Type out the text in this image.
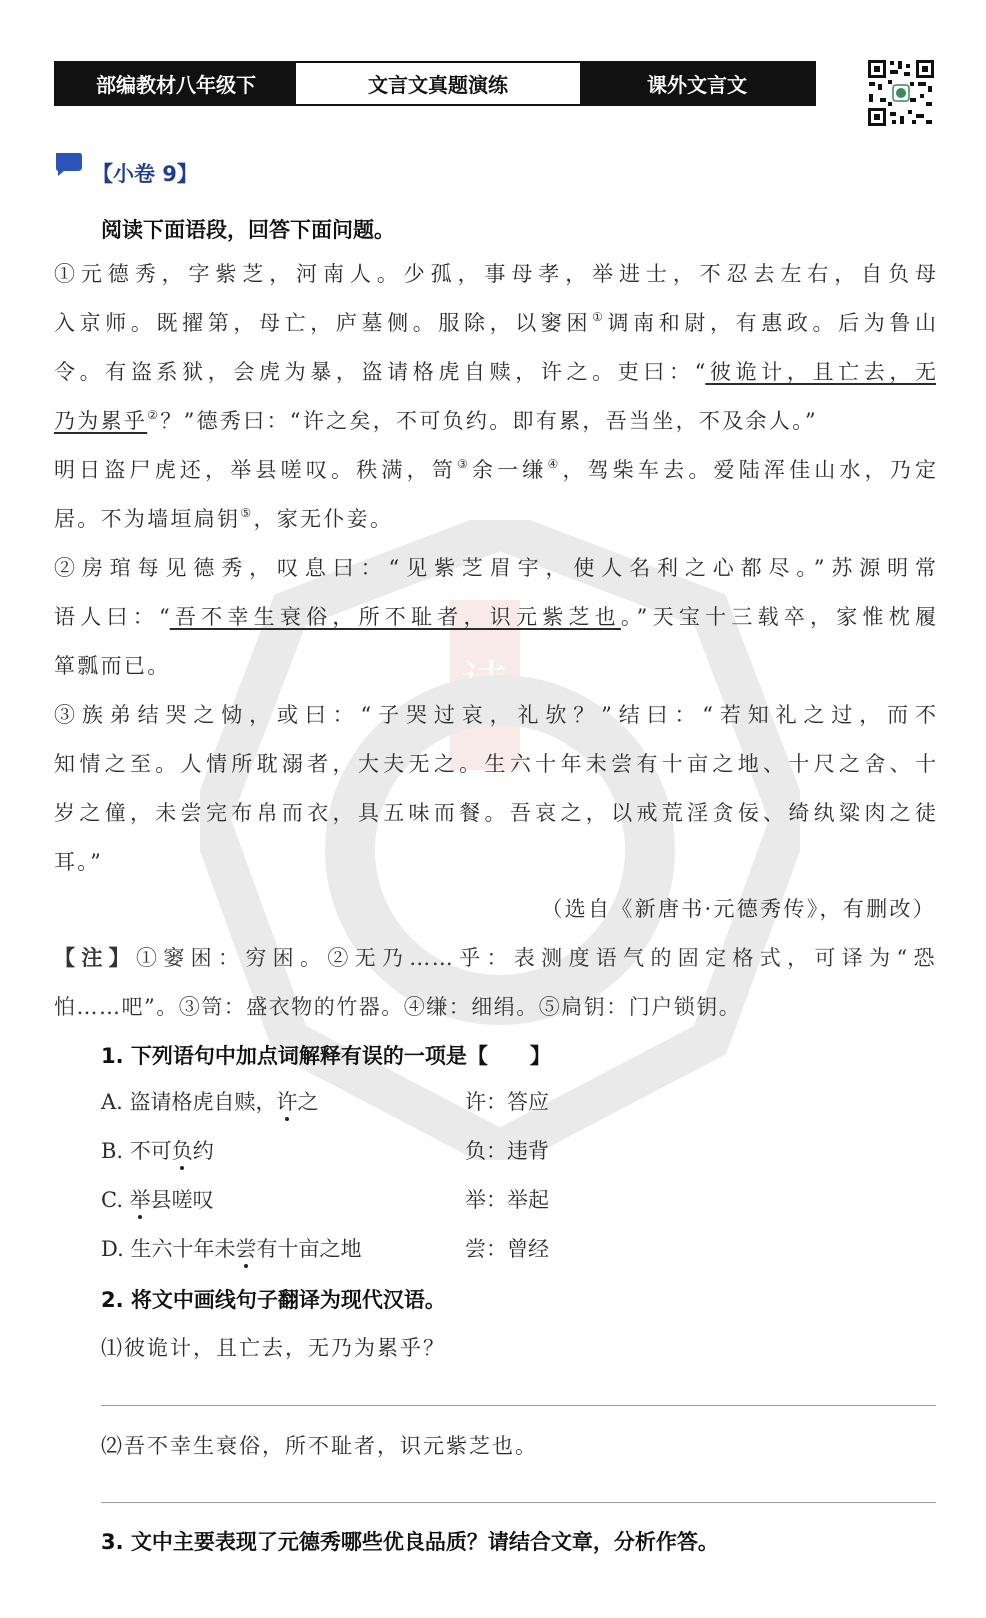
诗
部编教材八年级下	文言文真题演练	课外文言文
【小卷 9】
阅读下面语段，回答下面问题。
①元德秀，字紫芝，河南人。少孤，事母孝，举进士，不忍去左右，自负母
入京师。既擢第，母亡，庐墓侧。服除，以窭困①调南和尉，有惠政。后为鲁山
令。有盗系狱，会虎为暴，盗请格虎自赎，许之。吏曰：“彼诡计，且亡去，无
乃为累乎②？”德秀曰：“许之矣，不可负约。即有累，吾当坐，不及余人。”
明日盗尸虎还，举县嗟叹。秩满，笥③余一缣④，驾柴车去。爱陆浑佳山水，乃定
居。不为墙垣扃钥⑤，家无仆妾。
②房琯每见德秀，叹息曰：“见紫芝眉宇，使人名利之心都尽。”苏源明常
语人曰：“吾不幸生衰俗，所不耻者，识元紫芝也。”天宝十三载卒，家惟枕履
箪瓢而已。
③族弟结哭之恸，或曰：“子哭过哀，礼欤？”结曰：“若知礼之过，而不
知情之至。人情所耽溺者，大夫无之。生六十年未尝有十亩之地、十尺之舍、十
岁之僮，未尝完布帛而衣，具五味而餐。吾哀之，以戒荒淫贪佞、绮纨粱肉之徒
耳。”
（选自《新唐书·元德秀传》，有删改）
【注】①窭困：穷困。②无乃……乎：表测度语气的固定格式，可译为“恐
怕……吧”。③笥：盛衣物的竹器。④缣：细绢。⑤扃钥：门户锁钥。
1. 下列语句中加点词解释有误的一项是【　　】
A. 盗请格虎自赎，许之	许：答应
B. 不可负约	负：违背
C. 举县嗟叹	举：举起
D. 生六十年未尝有十亩之地	尝：曾经
2. 将文中画线句子翻译为现代汉语。
⑴彼诡计，且亡去，无乃为累乎？
⑵吾不幸生衰俗，所不耻者，识元紫芝也。
3. 文中主要表现了元德秀哪些优良品质？请结合文章，分析作答。
